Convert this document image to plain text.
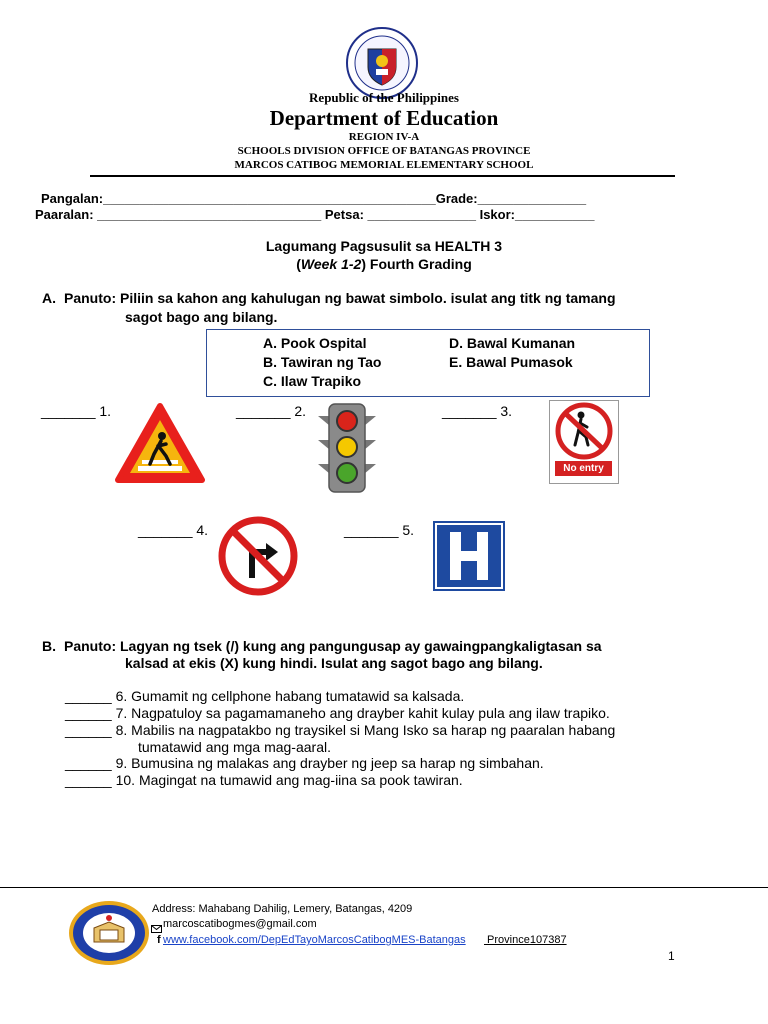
Republic of the Philippines
Department of Education
REGION IV-A
SCHOOLS DIVISION OFFICE OF BATANGAS PROVINCE
MARCOS CATIBOG MEMORIAL ELEMENTARY SCHOOL
Pangalan:______________________________________________Grade:_______________
Paaralan: _______________________________ Petsa: _______________ Iskor:___________
Lagumang Pagsusulit sa HEALTH 3
(Week 1-2) Fourth Grading
A. Panuto: Piliin sa kahon ang kahulugan ng bawat simbolo. isulat ang titk ng tamang
sagot bago ang bilang.
A. Pook Ospital
B. Tawiran ng Tao
C. Ilaw Trapiko
D. Bawal Kumanan
E. Bawal Pumasok
_______ 1.	_______ 2.	_______ 3.
_______ 4.	_______ 5.
No entry
B. Panuto: Lagyan ng tsek (/) kung ang pangungusap ay gawaingpangkaligtasan sa
kalsad at ekis (X) kung hindi. Isulat ang sagot bago ang bilang.
______ 6. Gumamit ng cellphone habang tumatawid sa kalsada.
______ 7. Nagpatuloy sa pagamamaneho ang drayber kahit kulay pula ang ilaw trapiko.
______ 8. Mabilis na nagpatakbo ng traysikel si Mang Isko sa harap ng paaralan habang
tumatawid ang mga mag-aaral.
______ 9. Bumusina ng malakas ang drayber ng jeep sa harap ng simbahan.
______ 10. Magingat na tumawid ang mag-iina sa pook tawiran.
Address: Mahabang Dahilig, Lemery, Batangas, 4209
marcoscatibogmes@gmail.com
f www.facebook.com/DepEdTayoMarcosCatibogMES-Batangas Province107387
1
